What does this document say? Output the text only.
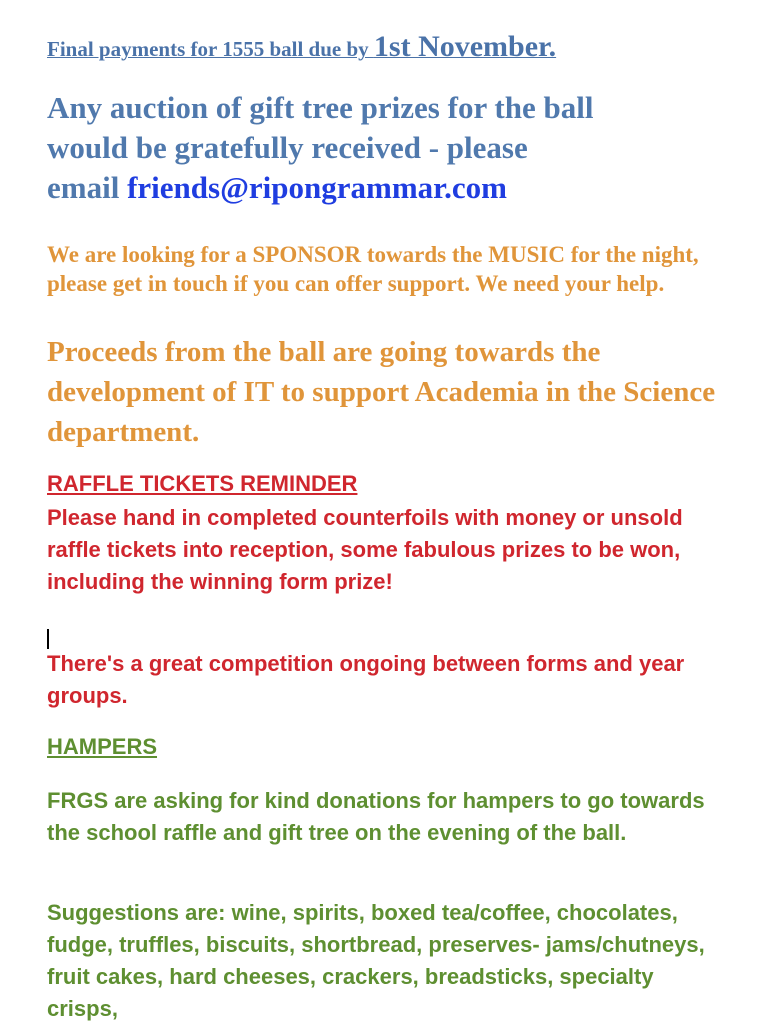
Final payments for 1555 ball due by 1st November.
Any auction of gift tree prizes for the ball
would be gratefully received - please
email friends@ripongrammar.com
We are looking for a SPONSOR towards the MUSIC for the night, please get in touch if you can offer support. We need your help.
Proceeds from the ball are going towards the development of IT to support Academia in the Science department.
RAFFLE TICKETS REMINDER
Please hand in completed counterfoils with money or unsold raffle tickets into reception, some fabulous prizes to be won, including the winning form prize!
There's a great competition ongoing between forms and year groups.
HAMPERS
FRGS are asking for kind donations for hampers to go towards the school raffle and gift tree on the evening of the ball.
Suggestions are: wine, spirits, boxed tea/coffee, chocolates, fudge, truffles, biscuits, shortbread, preserves- jams/chutneys, fruit cakes, hard cheeses, crackers, breadsticks, specialty crisps,
